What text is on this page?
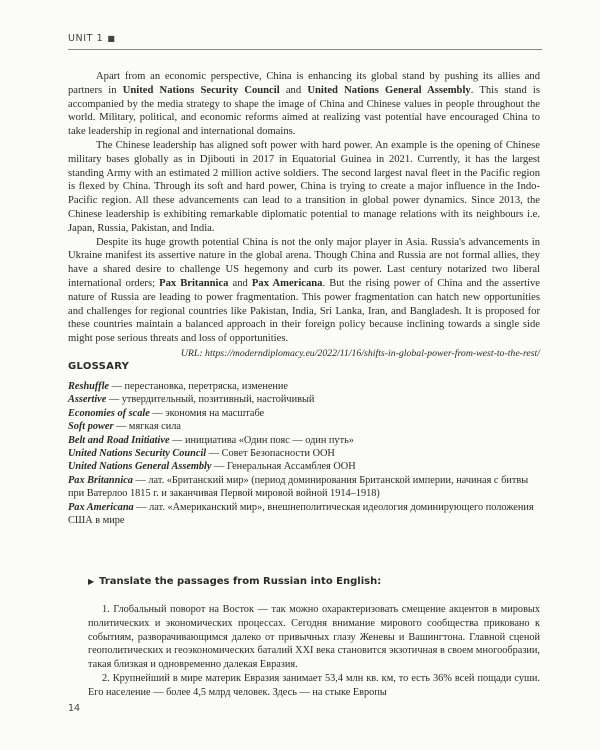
UNIT 1 ■

Apart from an economic perspective, China is enhancing its global stand by pushing its allies and partners in United Nations Security Council and United Nations General Assembly. This stand is accompanied by the media strategy to shape the image of China and Chinese values in people throughout the world. Military, political, and economic reforms aimed at realizing vast potential have encouraged China to take leadership in regional and international domains.

The Chinese leadership has aligned soft power with hard power. An example is the opening of Chinese military bases globally as in Djibouti in 2017 in Equatorial Guinea in 2021. Currently, it has the largest standing Army with an estimated 2 million active soldiers. The second largest naval fleet in the Pacific region is flexed by China. Through its soft and hard power, China is trying to create a major influence in the Indo-Pacific region. All these advancements can lead to a transition in global power dynamics. Since 2013, the Chinese leadership is exhibiting remarkable diplomatic potential to manage relations with its neighbours i.e. Japan, Russia, Pakistan, and India.

Despite its huge growth potential China is not the only major player in Asia. Russia's advancements in Ukraine manifest its assertive nature in the global arena. Though China and Russia are not formal allies, they have a shared desire to challenge US hegemony and curb its power. Last century notarized two liberal international orders; Pax Britannica and Pax Americana. But the rising power of China and the assertive nature of Russia are leading to power fragmentation. This power fragmentation can hatch new opportunities and challenges for regional countries like Pakistan, India, Sri Lanka, Iran, and Bangladesh. It is proposed for these countries maintain a balanced approach in their foreign policy because inclining towards a single side might pose serious threats and loss of opportunities.

URL: https://moderndiplomacy.eu/2022/11/16/shifts-in-global-power-from-west-to-the-rest/

GLOSSARY
Reshuffle — перестановка, перетряска, изменение
Assertive — утвердительный, позитивный, настойчивый
Economies of scale — экономия на масштабе
Soft power — мягкая сила
Belt and Road Initiative — инициатива «Один пояс — один путь»
United Nations Security Council — Совет Безопасности ООН
United Nations General Assembly — Генеральная Ассамблея ООН
Pax Britannica — лат. «Британский мир» (период доминирования Британской империи, начиная с битвы при Ватерлоо 1815 г. и заканчивая Первой мировой войной 1914–1918)
Pax Americana — лат. «Американский мир», внешнеполитическая идеология доминирующего положения США в мире
▶ Translate the passages from Russian into English:

1. Глобальный поворот на Восток — так можно охарактеризовать смещение акцентов в мировых политических и экономических процессах. Сегодня внимание мирового сообщества приковано к событиям, разворачивающимся далеко от привычных глазу Женевы и Вашингтона. Главной сценой геополитических и геоэкономических баталий XXI века становится экзотичная в своем многообразии, такая близкая и одновременно далекая Евразия.

2. Крупнейший в мире материк Евразия занимает 53,4 млн кв. км, то есть 36% всей пощади суши. Его население — более 4,5 млрд человек. Здесь — на стыке Европы

14
